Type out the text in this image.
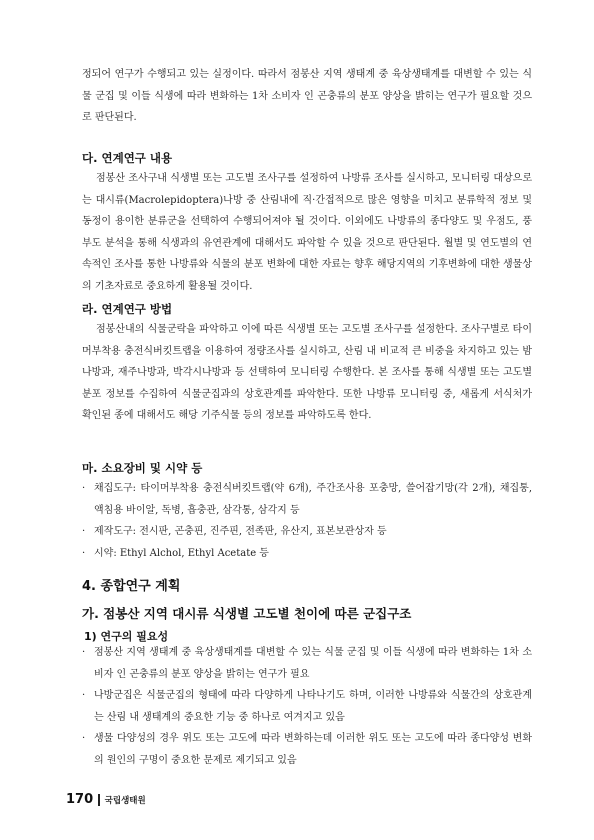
정되어 연구가 수행되고 있는 실정이다. 따라서 점봉산 지역 생태계 중 육상생태계를 대변할 수 있는 식물 군집 및 이들 식생에 따라 변화하는 1차 소비자 인 곤충류의 분포 양상을 밝히는 연구가 필요할 것으로 판단된다.

다. 연계연구 내용

점봉산 조사구내 식생별 또는 고도별 조사구를 설정하여 나방류 조사를 실시하고, 모니터링 대상으로는 대시류(Macrolepidoptera)나방 중 산림내에 직·간접적으로 많은 영향을 미치고 분류학적 정보 및 동정이 용이한 분류군을 선택하여 수행되어져야 될 것이다. 이외에도 나방류의 종다양도 및 우점도, 풍부도 분석을 통해 식생과의 유연관계에 대해서도 파악할 수 있을 것으로 판단된다. 월별 및 연도별의 연속적인 조사를 통한 나방류와 식물의 분포 변화에 대한 자료는 향후 해당지역의 기후변화에 대한 생물상의 기초자료로 중요하게 활용될 것이다.

라. 연계연구 방법

점봉산내의 식물군락을 파악하고 이에 따른 식생별 또는 고도별 조사구를 설정한다. 조사구별로 타이머부착용 충전식버킷트랩을 이용하여 정량조사를 실시하고, 산림 내 비교적 큰 비중을 차지하고 있는 밤나방과, 재주나방과, 박각시나방과 등 선택하여 모니터링 수행한다. 본 조사를 통해 식생별 또는 고도별 분포 정보를 수집하여 식물군집과의 상호관계를 파악한다. 또한 나방류 모니터링 중, 새롭게 서식처가 확인된 종에 대해서도 해당 기주식물 등의 정보를 파악하도록 한다.

마. 소요장비 및 시약 등

· 채집도구: 타이머부착용 충전식버킷트랩(약 6개), 주간조사용 포충망, 쓸어잡기망(각 2개), 채집통, 액침용 바이알, 독병, 흡충관, 삼각통, 삼각지 등

· 제작도구: 전시판, 곤충핀, 진주핀, 전족판, 유산지, 표본보관상자 등

· 시약: Ethyl Alchol, Ethyl Acetate 등

4. 종합연구 계획

가. 점봉산 지역 대시류 식생별 고도별 천이에 따른 군집구조

1) 연구의 필요성

· 점봉산 지역 생태계 중 육상생태계를 대변할 수 있는 식물 군집 및 이들 식생에 따라 변화하는 1차 소비자 인 곤충류의 분포 양상을 밝히는 연구가 필요

· 나방군집은 식물군집의 형태에 따라 다양하게 나타나기도 하며, 이러한 나방류와 식물간의 상호관계는 산림 내 생태계의 중요한 기능 중 하나로 여겨지고 있음

· 생물 다양성의 경우 위도 또는 고도에 따라 변화하는데 이러한 위도 또는 고도에 따라 종다양성 변화의 원인의 구명이 중요한 문제로 제기되고 있음

170 국립생태원
